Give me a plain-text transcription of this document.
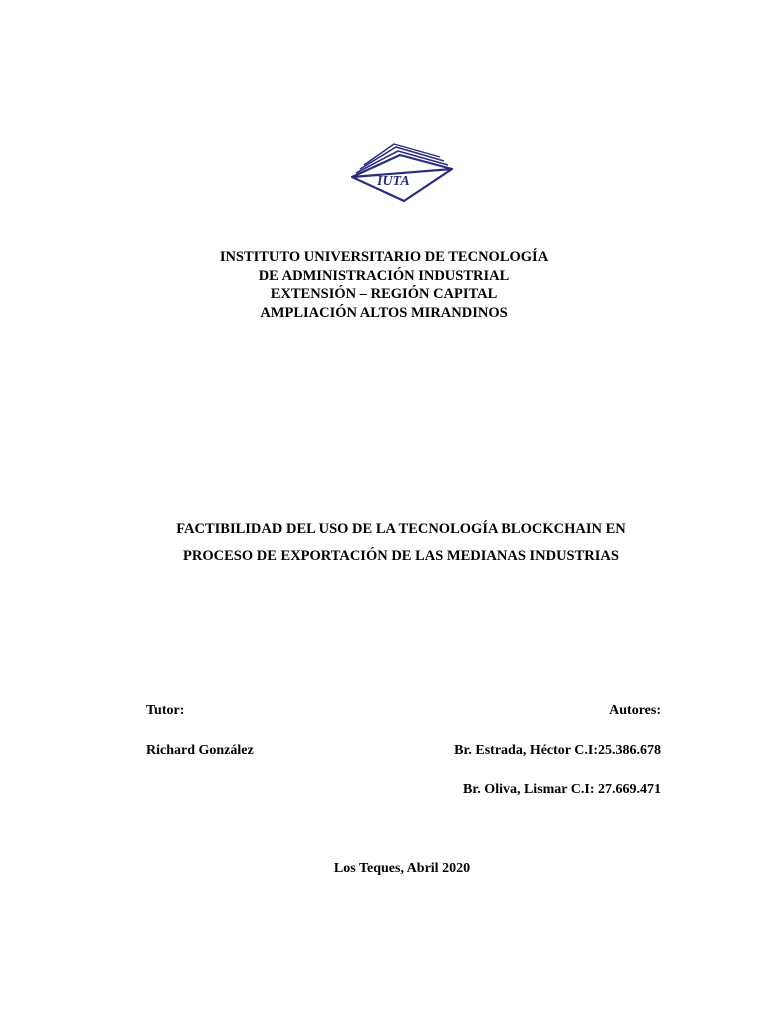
IUTA
INSTITUTO UNIVERSITARIO DE TECNOLOGÍA
DE ADMINISTRACIÓN INDUSTRIAL
EXTENSIÓN – REGIÓN CAPITAL
AMPLIACIÓN ALTOS MIRANDINOS
FACTIBILIDAD DEL USO DE LA TECNOLOGÍA BLOCKCHAIN EN
PROCESO DE EXPORTACIÓN DE LAS MEDIANAS INDUSTRIAS
Tutor:	Autores:
Richard González	Br. Estrada, Héctor C.I:25.386.678
Br. Oliva, Lismar C.I: 27.669.471
Los Teques, Abril 2020
